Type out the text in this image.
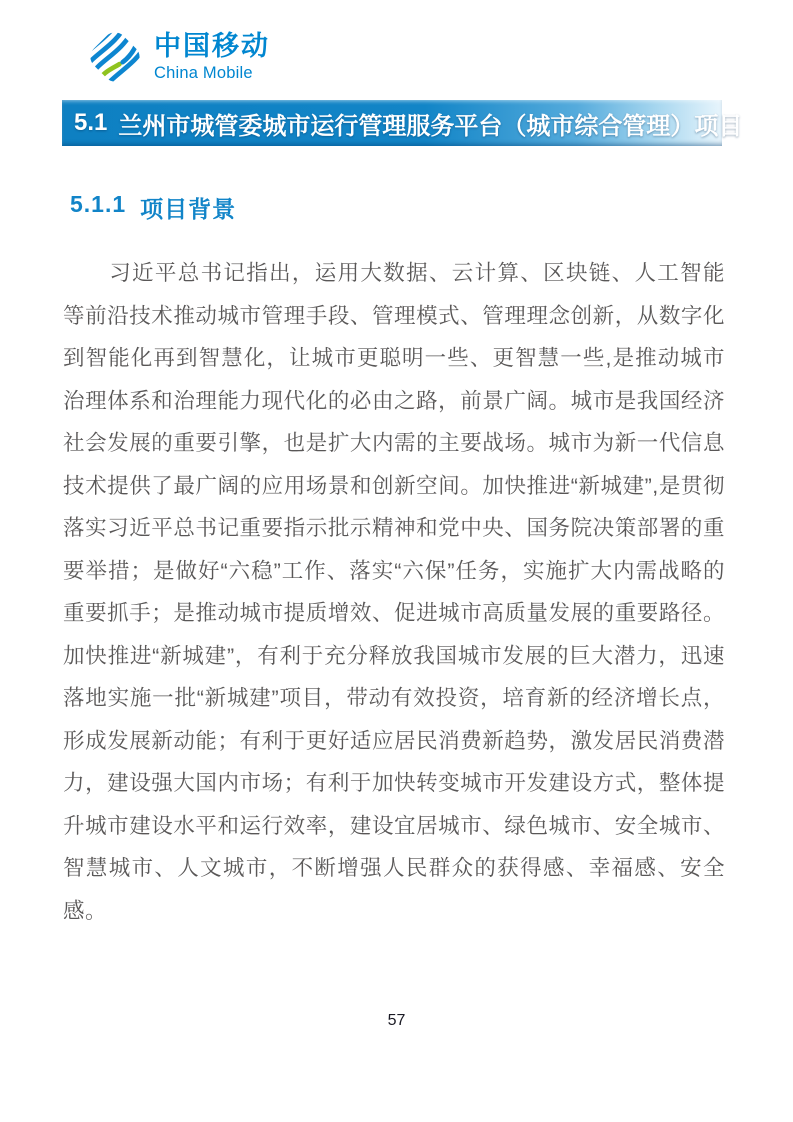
中国移动
China Mobile
5.1 兰州市城管委城市运行管理服务平台（城市综合管理）项目
5.1.1 项目背景

习近平总书记指出，运用大数据、云计算、区块链、人工智能等前沿技术推动城市管理手段、管理模式、管理理念创新，从数字化到智能化再到智慧化，让城市更聪明一些、更智慧一些,是推动城市治理体系和治理能力现代化的必由之路，前景广阔。城市是我国经济社会发展的重要引擎，也是扩大内需的主要战场。城市为新一代信息技术提供了最广阔的应用场景和创新空间。加快推进“新城建”,是贯彻落实习近平总书记重要指示批示精神和党中央、国务院决策部署的重要举措；是做好“六稳”工作、落实“六保”任务，实施扩大内需战略的重要抓手；是推动城市提质增效、促进城市高质量发展的重要路径。加快推进“新城建”，有利于充分释放我国城市发展的巨大潜力，迅速落地实施一批“新城建”项目，带动有效投资，培育新的经济增长点，形成发展新动能；有利于更好适应居民消费新趋势，激发居民消费潜力，建设强大国内市场；有利于加快转变城市开发建设方式，整体提升城市建设水平和运行效率，建设宜居城市、绿色城市、安全城市、智慧城市、人文城市，不断增强人民群众的获得感、幸福感、安全感。

57
